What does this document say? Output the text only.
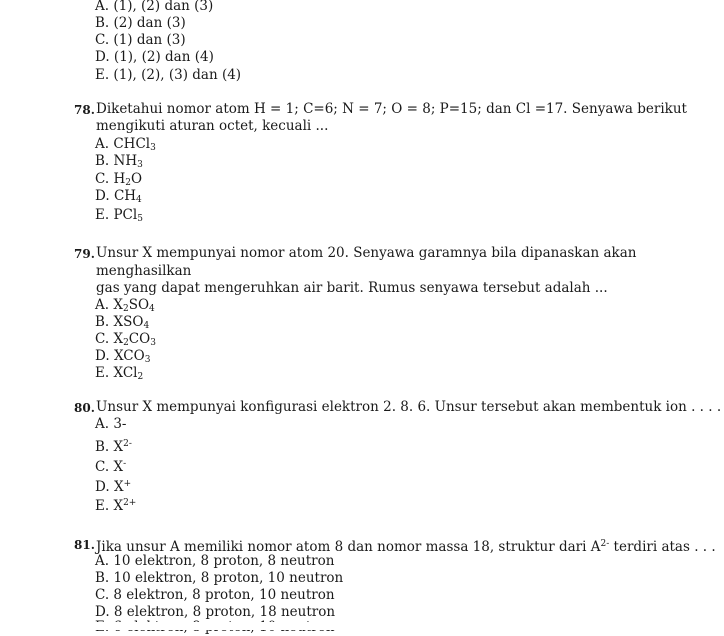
A. (1), (2) dan (3)
B. (2) dan (3)
C. (1) dan (3)
D. (1), (2) dan (4)
E. (1), (2), (3) dan (4)
78. Diketahui nomor atom H = 1; C=6; N = 7; O = 8; P=15; dan Cl =17. Senyawa berikut
mengikuti aturan octet, kecuali ...
A. CHCl$_3$
B. $NH_3$
C. $H_2O$
D. $CH_4$
E. PCl$_5$
79. Unsur X mempunyai nomor atom 20. Senyawa garamnya bila dipanaskan akan
menghasilkan
gas yang dapat mengeruhkan air barit. Rumus senyawa tersebut adalah ...
A. $X_2SO_4$
B. $XSO_4$
C. $X_2CO_3$
D. $XCO_3$
E. XCl$_2$
80. Unsur X mempunyai konfigurasi elektron 2. 8. 6. Unsur tersebut akan membentuk ion . . . .
A. 3-
B. $X^{2-}$
C. X-
D. X+
E. $X^{2+}$
81. Jika unsur A memiliki nomor atom 8 dan nomor massa 18, struktur dari $A^{2-}$ terdiri atas . . .
A. 10 elektron, 8 proton, 8 neutron
B. 10 elektron, 8 proton, 10 neutron
C. 8 elektron, 8 proton, 10 neutron
D. 8 elektron, 8 proton, 18 neutron
